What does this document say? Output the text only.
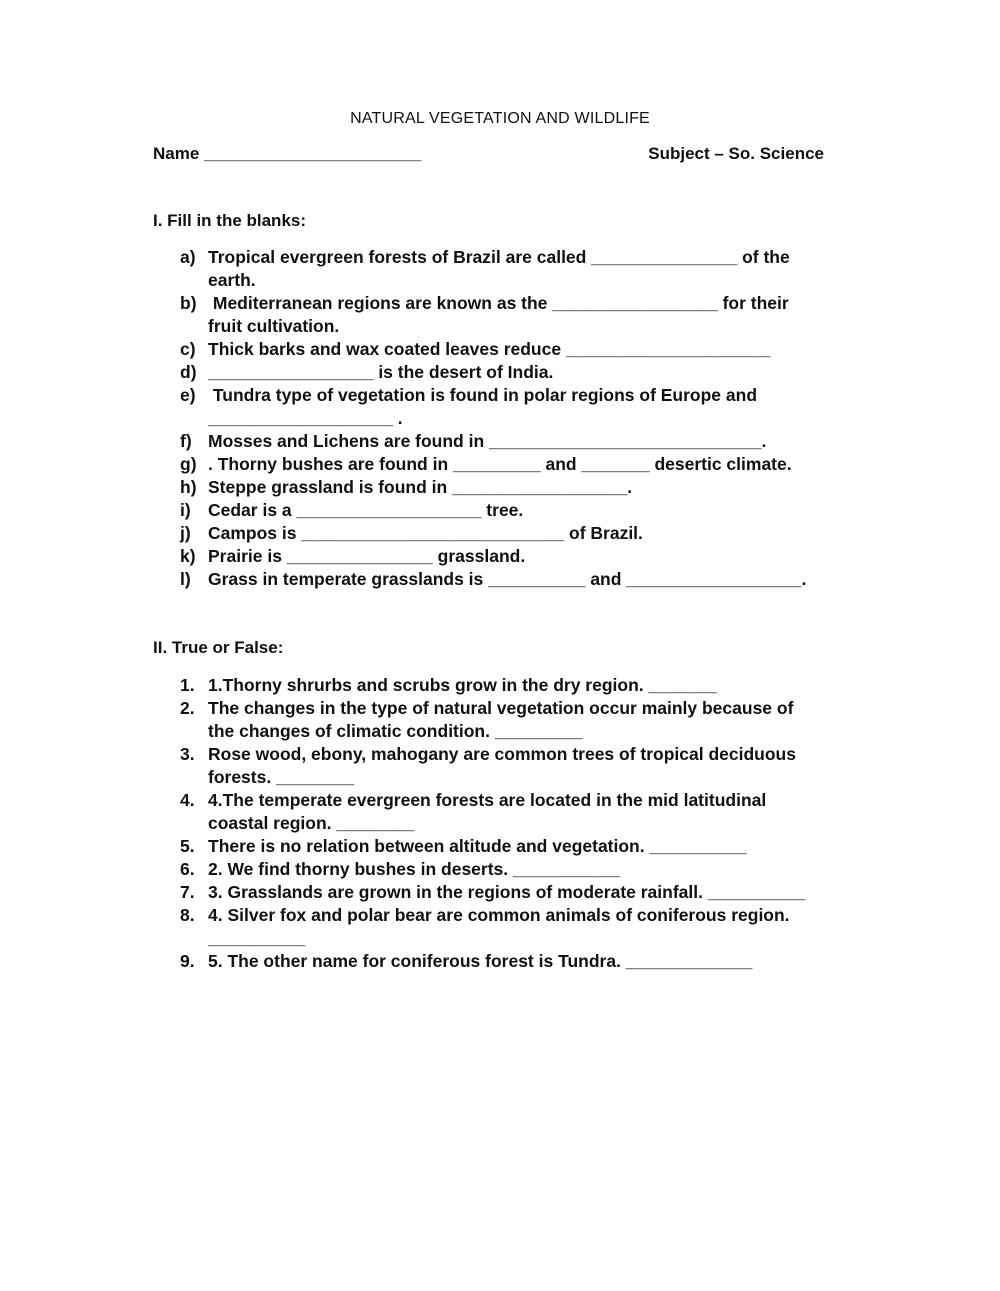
NATURAL VEGETATION AND WILDLIFE
Name _______________________	Subject – So. Science
I. Fill in the blanks:
a) Tropical evergreen forests of Brazil are called _______________ of the
earth.
b) Mediterranean regions are known as the _________________ for their
fruit cultivation.
c) Thick barks and wax coated leaves reduce _____________________
d) _________________ is the desert of India.
e) Tundra type of vegetation is found in polar regions of Europe and
___________________ .
f) Mosses and Lichens are found in ____________________________.
g) . Thorny bushes are found in _________ and _______ desertic climate.
h) Steppe grassland is found in __________________.
i) Cedar is a ___________________ tree.
j) Campos is ___________________________ of Brazil.
k) Prairie is _______________ grassland.
l) Grass in temperate grasslands is __________ and __________________.
II. True or False:
1. 1.Thorny shrurbs and scrubs grow in the dry region. _______
2. The changes in the type of natural vegetation occur mainly because of
the changes of climatic condition. _________
3. Rose wood, ebony, mahogany are common trees of tropical deciduous
forests. ________
4. 4.The temperate evergreen forests are located in the mid latitudinal
coastal region. ________
5. There is no relation between altitude and vegetation. __________
6. 2. We find thorny bushes in deserts. ___________
7. 3. Grasslands are grown in the regions of moderate rainfall. __________
8. 4. Silver fox and polar bear are common animals of coniferous region.
__________
9. 5. The other name for coniferous forest is Tundra. _____________
